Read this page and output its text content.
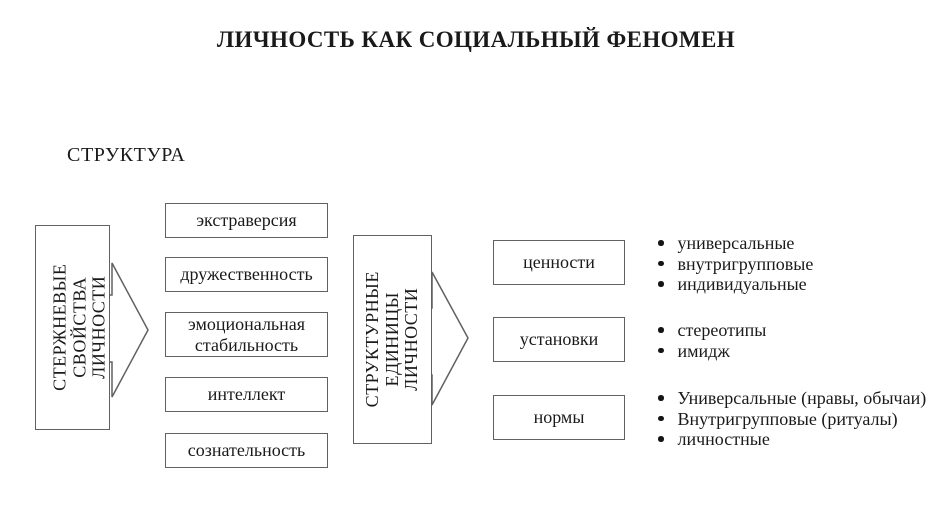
ЛИЧНОСТЬ КАК СОЦИАЛЬНЫЙ ФЕНОМЕН
СТРУКТУРА
СТЕРЖНЕВЫЕ СВОЙСТВА ЛИЧНОСТИ
экстраверсия
дружественность
эмоциональная стабильность
интеллект
сознательность
СТРУКТУРНЫЕ ЕДИНИЦЫ ЛИЧНОСТИ
ценности
установки
нормы
универсальные
внутригрупповые
индивидуальные
стереотипы
имидж
Универсальные (нравы, обычаи)
Внутригрупповые (ритуалы)
личностные
